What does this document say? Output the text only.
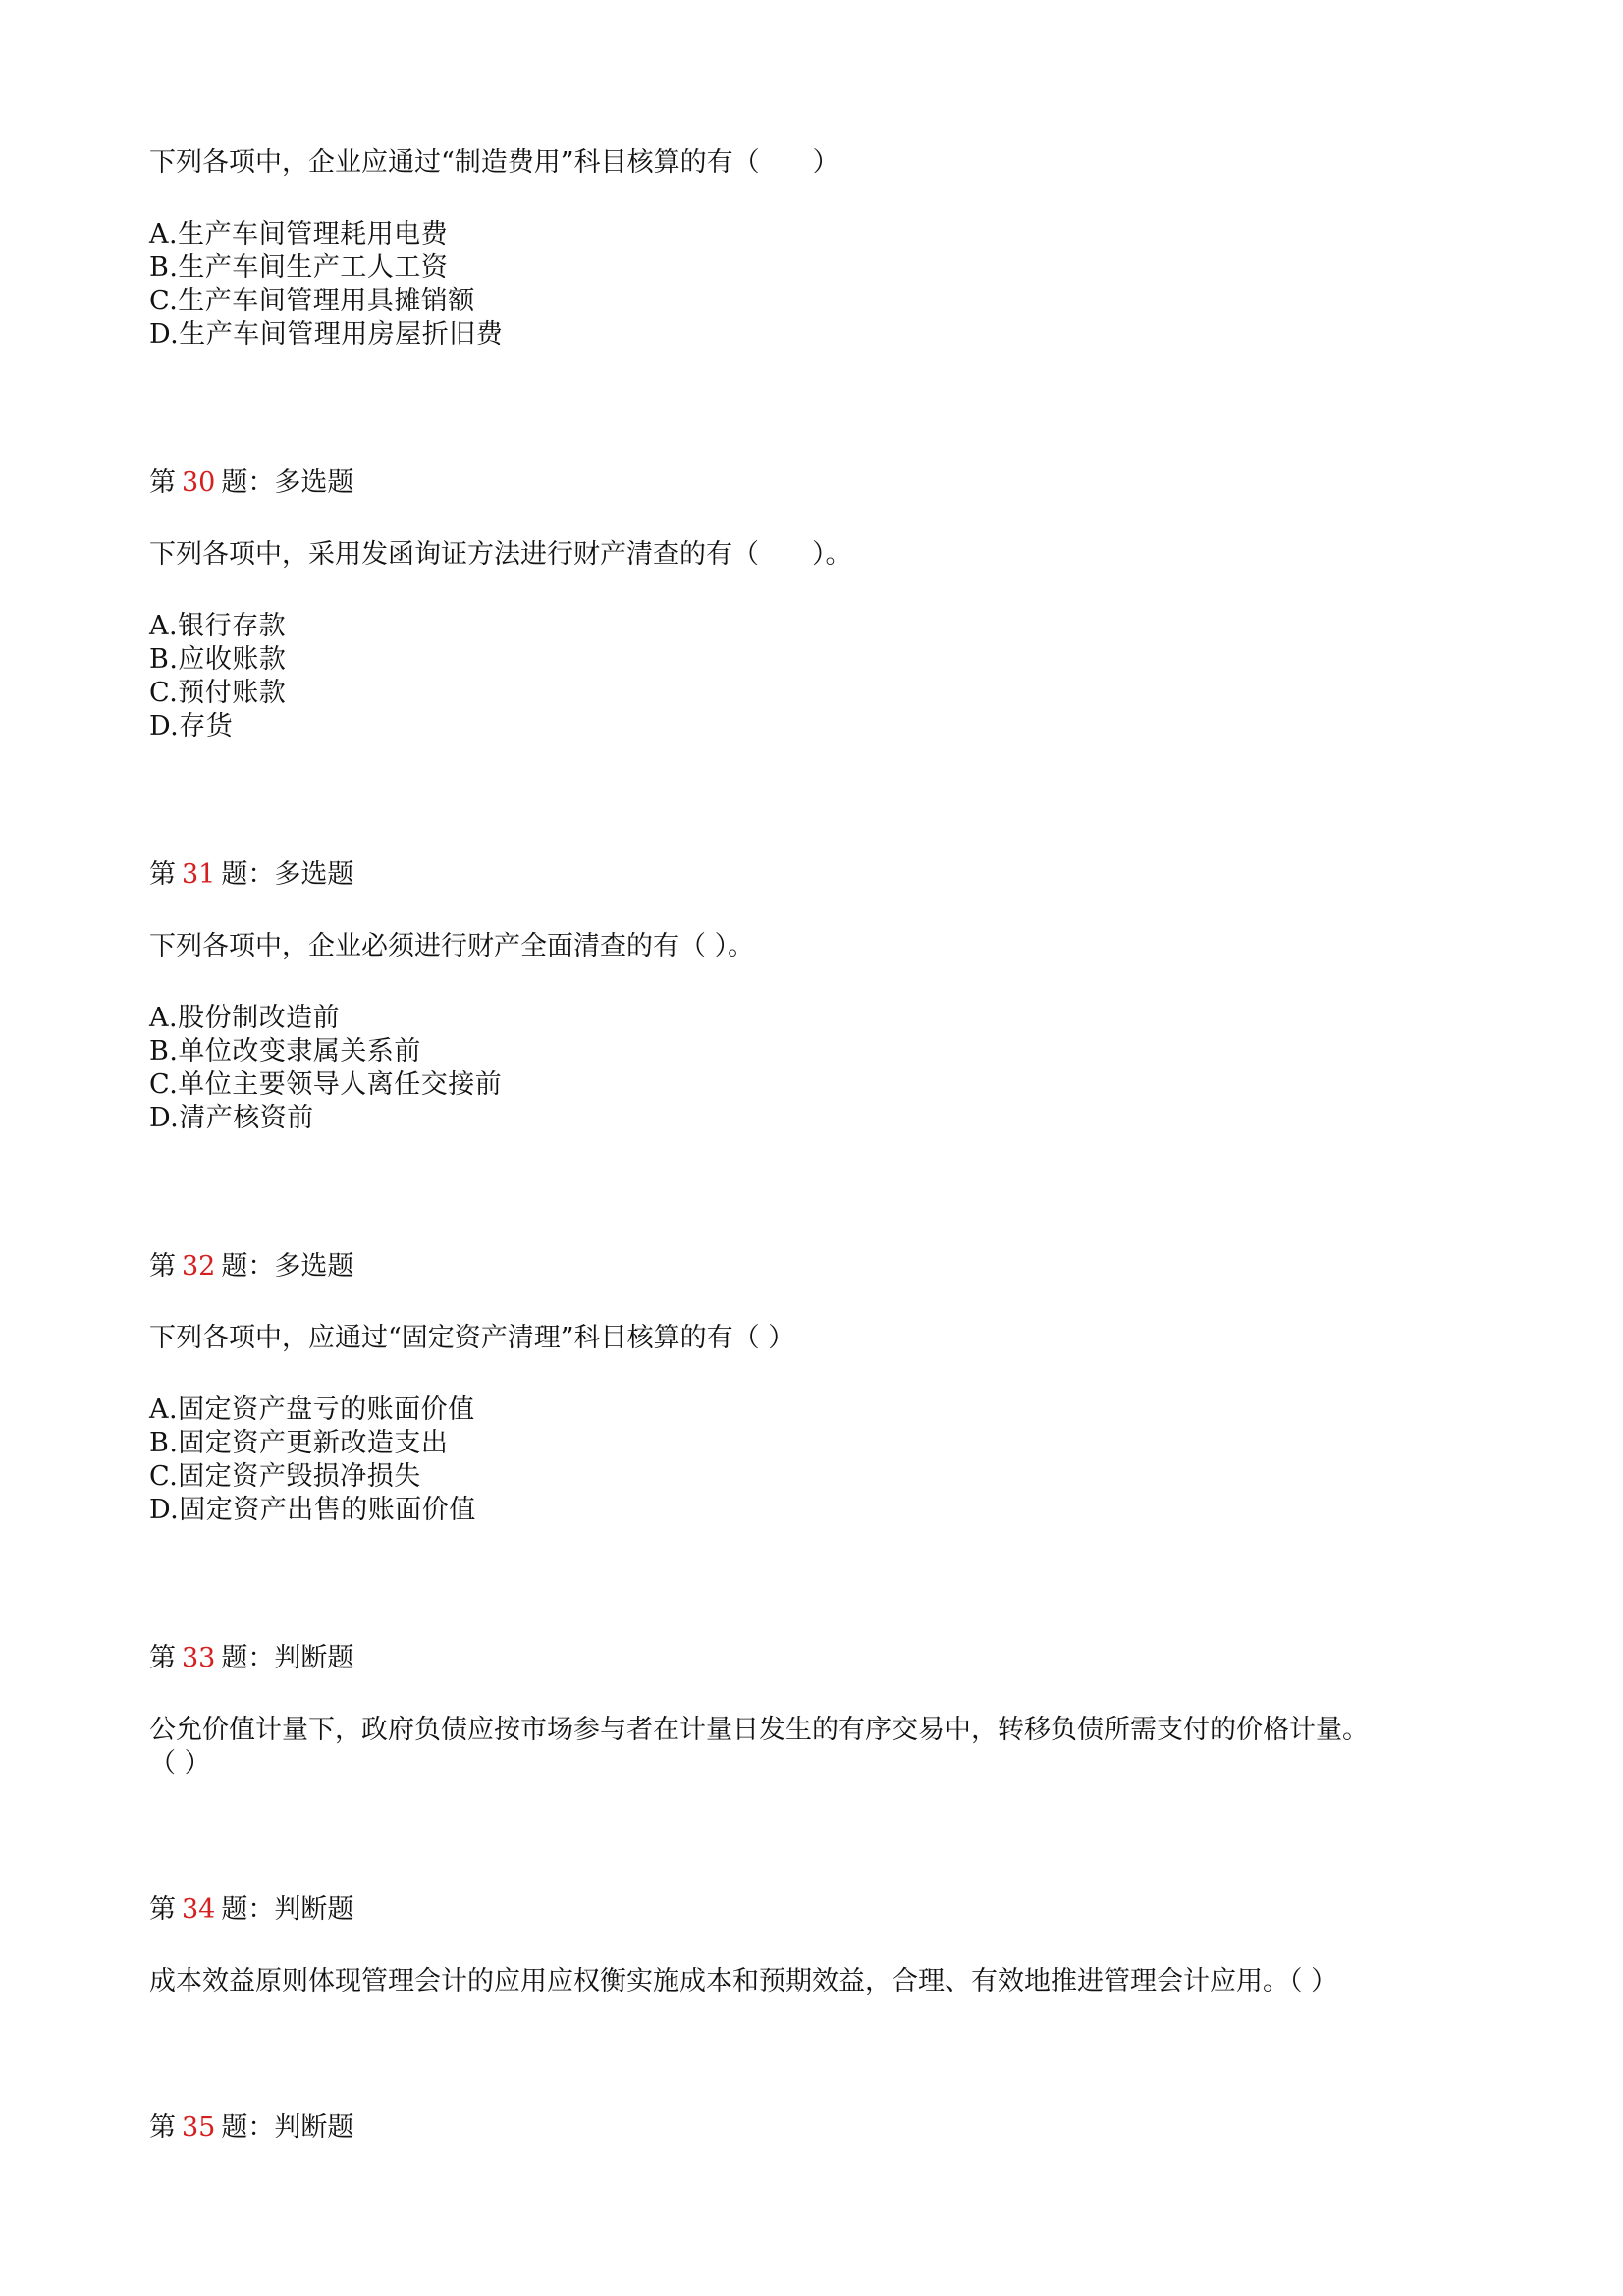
下列各项中，企业应通过“制造费用”科目核算的有（　　）
A.生产车间管理耗用电费
B.生产车间生产工人工资
C.生产车间管理用具摊销额
D.生产车间管理用房屋折旧费
第 30 题：多选题
下列各项中，采用发函询证方法进行财产清查的有（　　）。
A.银行存款
B.应收账款
C.预付账款
D.存货
第 31 题：多选题
下列各项中，企业必须进行财产全面清查的有（ ）。
A.股份制改造前
B.单位改变隶属关系前
C.单位主要领导人离任交接前
D.清产核资前
第 32 题：多选题
下列各项中，应通过“固定资产清理”科目核算的有（ ）
A.固定资产盘亏的账面价值
B.固定资产更新改造支出
C.固定资产毁损净损失
D.固定资产出售的账面价值
第 33 题：判断题
公允价值计量下，政府负债应按市场参与者在计量日发生的有序交易中，转移负债所需支付的价格计量。
（ ）
第 34 题：判断题
成本效益原则体现管理会计的应用应权衡实施成本和预期效益，合理、有效地推进管理会计应用。（ ）
第 35 题：判断题
